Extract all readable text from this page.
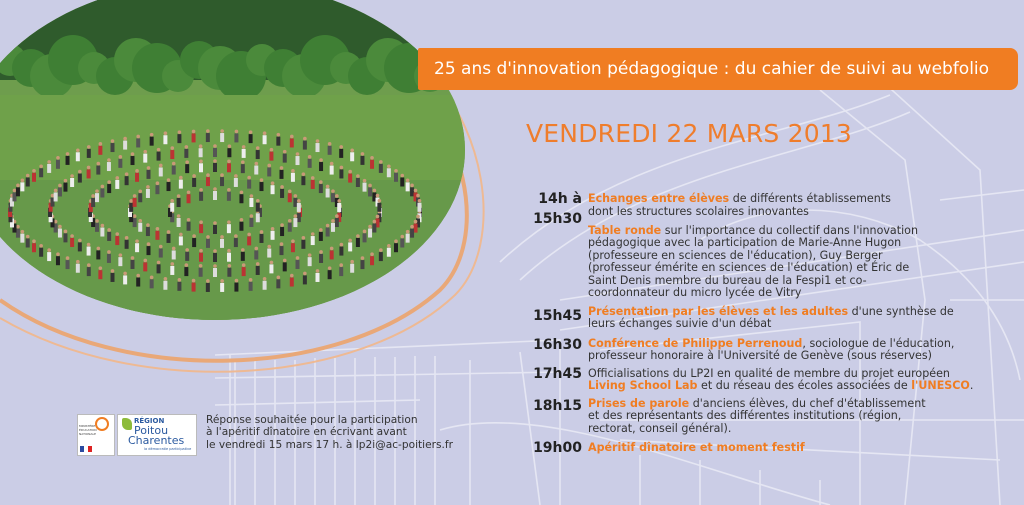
25 ans d'innovation pédagogique : du cahier de suivi au webfolio
VENDREDI 22 MARS 2013
14h à Echanges entre élèves de différents établissements
15h30 dont les structures scolaires innovantes
Table ronde sur l'importance du collectif dans l'innovation pédagogique avec la participation de Marie-Anne Hugon (professeure en sciences de l'éducation), Guy Berger (professeur émérite en sciences de l'éducation) et Éric de Saint Denis membre du bureau de la Fespi1 et co-coordonnateur du micro lycée de Vitry
15h45 Présentation par les élèves et les adultes d'une synthèse de leurs échanges suivie d'un débat
16h30 Conférence de Philippe Perrenoud, sociologue de l'éducation, professeur honoraire à l'Université de Genève (sous réserves)
17h45 Officialisations du LP2I en qualité de membre du projet européen Living School Lab et du réseau des écoles associées de l'UNESCO.
18h15 Prises de parole d'anciens élèves, du chef d'établissement et des représentants des différentes institutions (région, rectorat, conseil général).
19h00 Apéritif dînatoire et moment festif
MINISTÈRE
ÉDUCATION
NATIONALE
RÉGION
Poitou
Charentes
la démocratie participative
Réponse souhaitée pour la participation
à l'apéritif dînatoire en écrivant avant
le vendredi 15 mars 17 h. à lp2i@ac-poitiers.fr
